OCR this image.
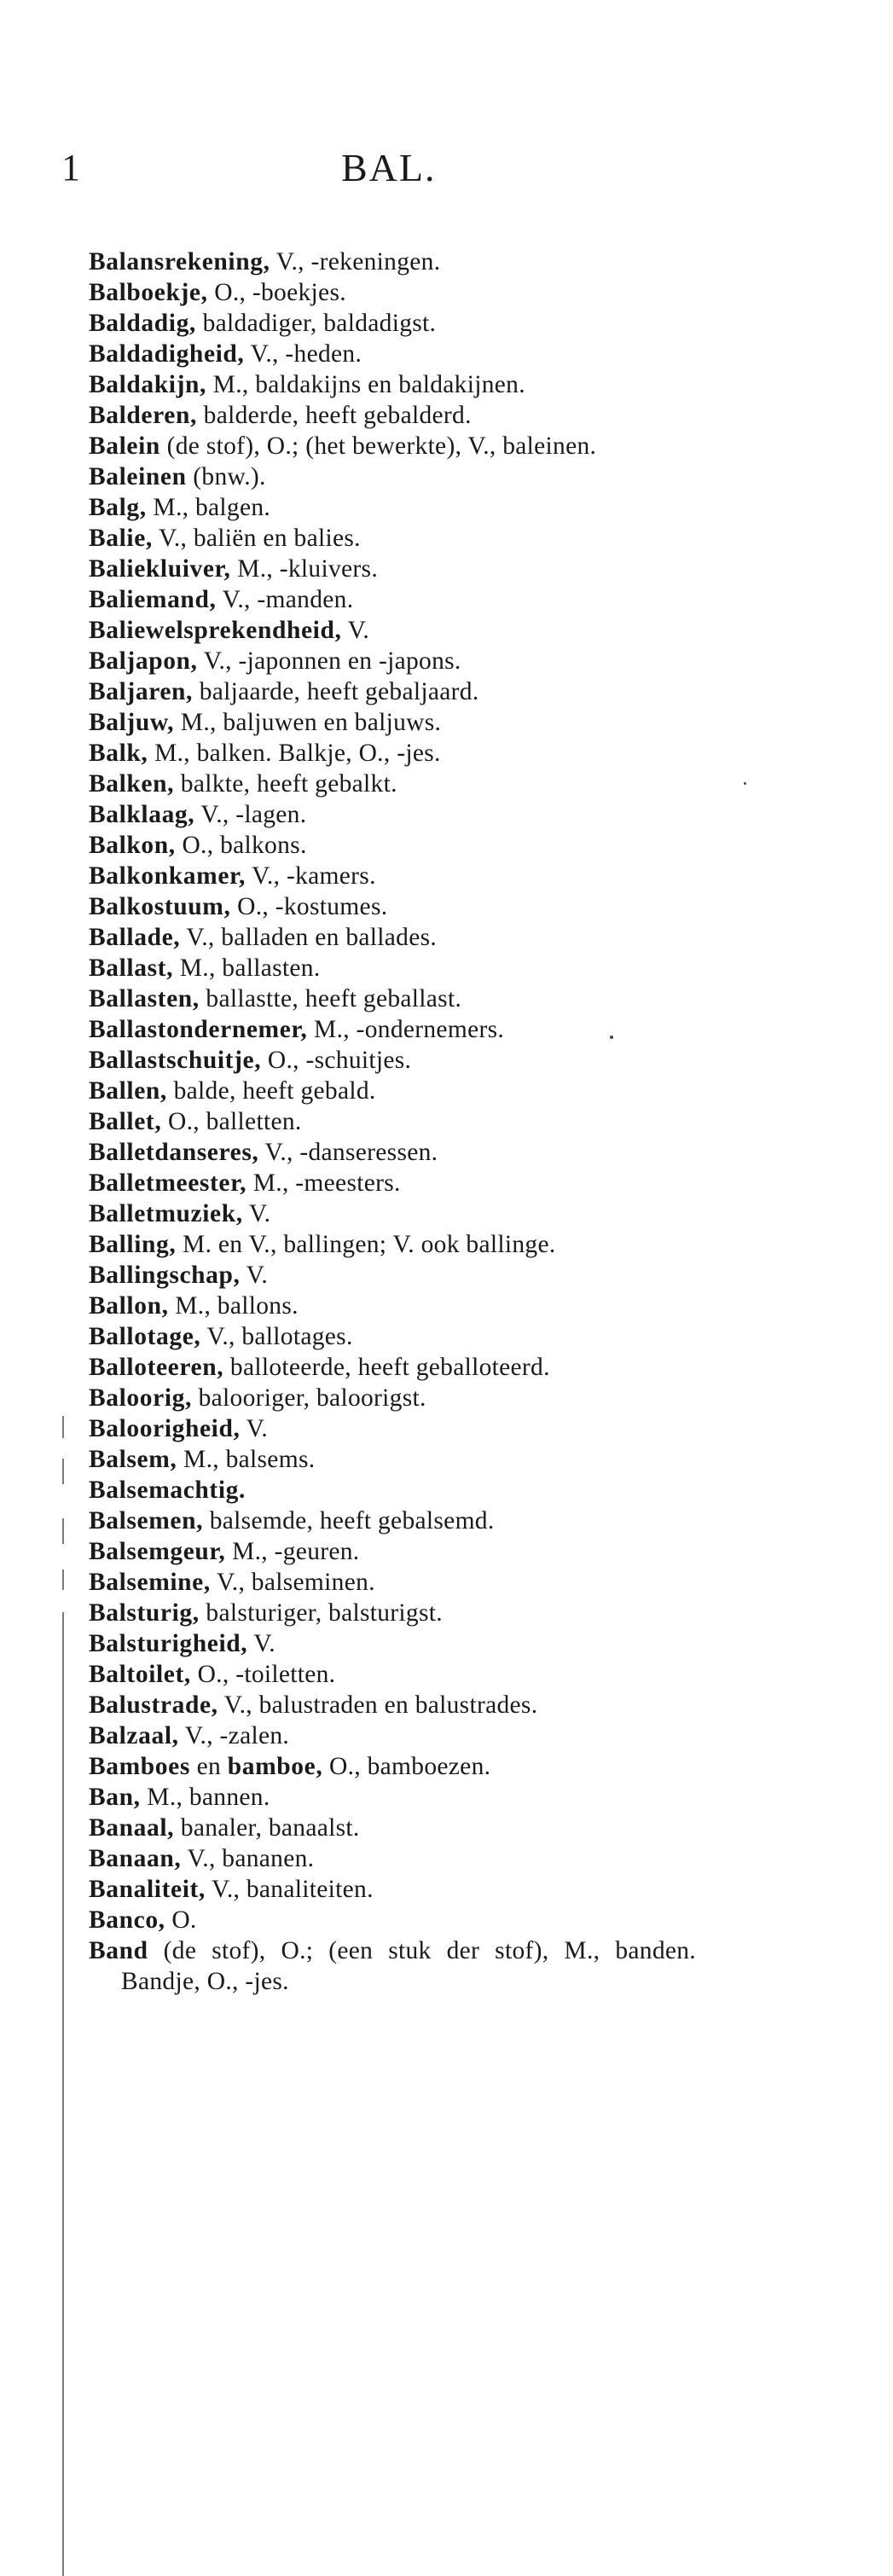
1	BAL.
Balansrekening, V., -rekeningen.
Balboekje, O., -boekjes.
Baldadig, baldadiger, baldadigst.
Baldadigheid, V., -heden.
Baldakijn, M., baldakijns en baldakijnen.
Balderen, balderde, heeft gebalderd.
Balein (de stof), O.; (het bewerkte), V., baleinen.
Baleinen (bnw.).
Balg, M., balgen.
Balie, V., baliën en balies.
Baliekluiver, M., -kluivers.
Baliemand, V., -manden.
Baliewelsprekendheid, V.
Baljapon, V., -japonnen en -japons.
Baljaren, baljaarde, heeft gebaljaard.
Baljuw, M., baljuwen en baljuws.
Balk, M., balken. Balkje, O., -jes.
Balken, balkte, heeft gebalkt.
Balklaag, V., -lagen.
Balkon, O., balkons.
Balkonkamer, V., -kamers.
Balkostuum, O., -kostumes.
Ballade, V., balladen en ballades.
Ballast, M., ballasten.
Ballasten, ballastte, heeft geballast.
Ballastondernemer, M., -ondernemers.
Ballastschuitje, O., -schuitjes.
Ballen, balde, heeft gebald.
Ballet, O., balletten.
Balletdanseres, V., -danseressen.
Balletmeester, M., -meesters.
Balletmuziek, V.
Balling, M. en V., ballingen; V. ook ballinge.
Ballingschap, V.
Ballon, M., ballons.
Ballotage, V., ballotages.
Balloteeren, balloteerde, heeft geballoteerd.
Baloorig, balooriger, baloorigst.
Baloorigheid, V.
Balsem, M., balsems.
Balsemachtig.
Balsemen, balsemde, heeft gebalsemd.
Balsemgeur, M., -geuren.
Balsemine, V., balseminen.
Balsturig, balsturiger, balsturigst.
Balsturigheid, V.
Baltoilet, O., -toiletten.
Balustrade, V., balustraden en balustrades.
Balzaal, V., -zalen.
Bamboes en bamboe, O., bamboezen.
Ban, M., bannen.
Banaal, banaler, banaalst.
Banaan, V., bananen.
Banaliteit, V., banaliteiten.
Banco, O.
Band (de stof), O.; (een stuk der stof), M., banden. Bandje, O., -jes.
